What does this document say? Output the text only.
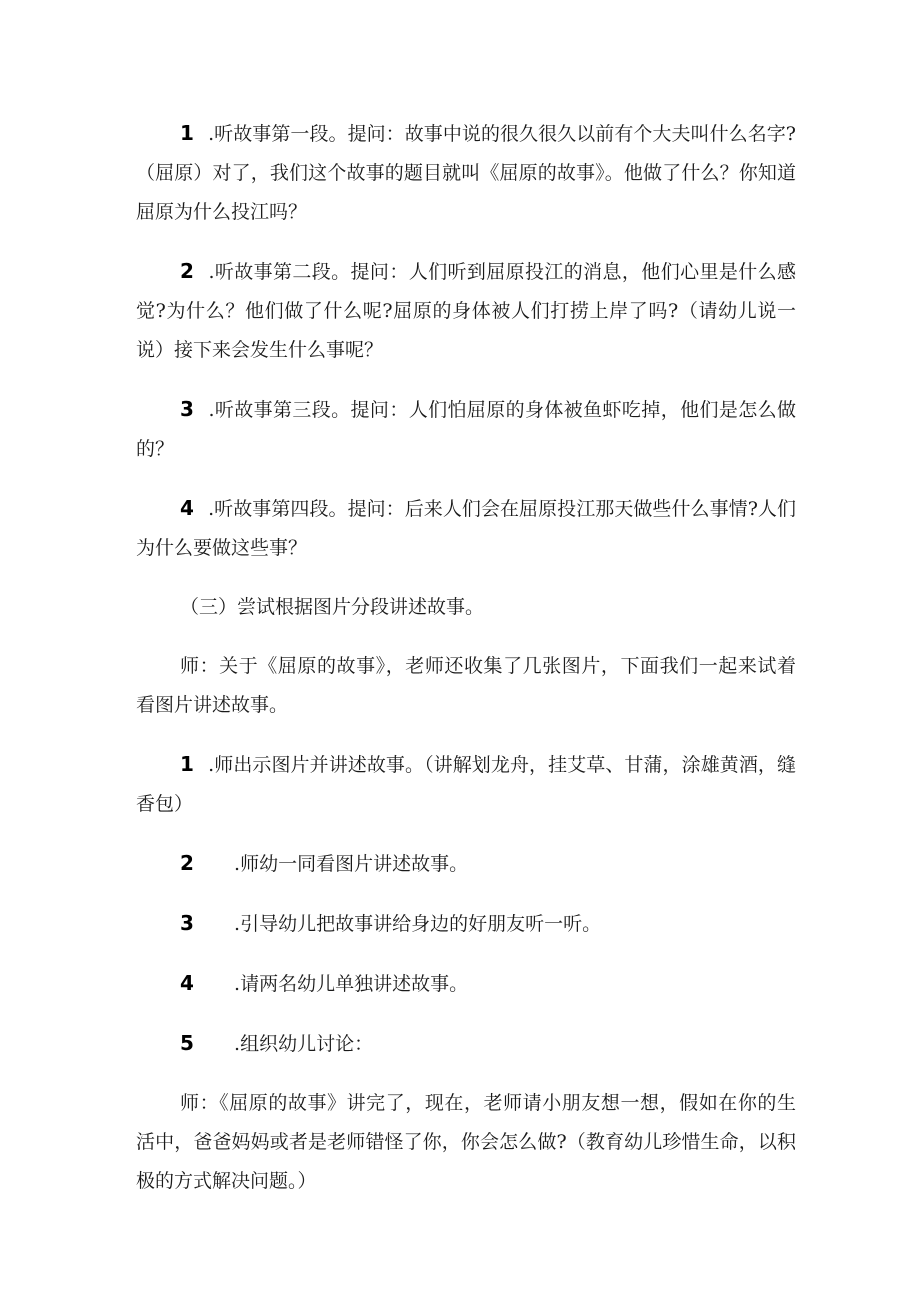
1 .听故事第一段。提问：故事中说的很久很久以前有个大夫叫什么名字?（屈原）对了，我们这个故事的题目就叫《屈原的故事》。他做了什么？你知道屈原为什么投江吗？

2 .听故事第二段。提问：人们听到屈原投江的消息，他们心里是什么感觉?为什么？他们做了什么呢?屈原的身体被人们打捞上岸了吗?（请幼儿说一说）接下来会发生什么事呢？

3 .听故事第三段。提问：人们怕屈原的身体被鱼虾吃掉，他们是怎么做的？

4 .听故事第四段。提问：后来人们会在屈原投江那天做些什么事情?人们为什么要做这些事？

（三）尝试根据图片分段讲述故事。

师：关于《屈原的故事》，老师还收集了几张图片，下面我们一起来试着看图片讲述故事。

1 .师出示图片并讲述故事。（讲解划龙舟，挂艾草、甘蒲，涂雄黄酒，缝香包）

2 .师幼一同看图片讲述故事。

3 .引导幼儿把故事讲给身边的好朋友听一听。

4 .请两名幼儿单独讲述故事。

5 .组织幼儿讨论：

师：《屈原的故事》讲完了，现在，老师请小朋友想一想，假如在你的生活中，爸爸妈妈或者是老师错怪了你，你会怎么做?（教育幼儿珍惜生命，以积极的方式解决问题。）
